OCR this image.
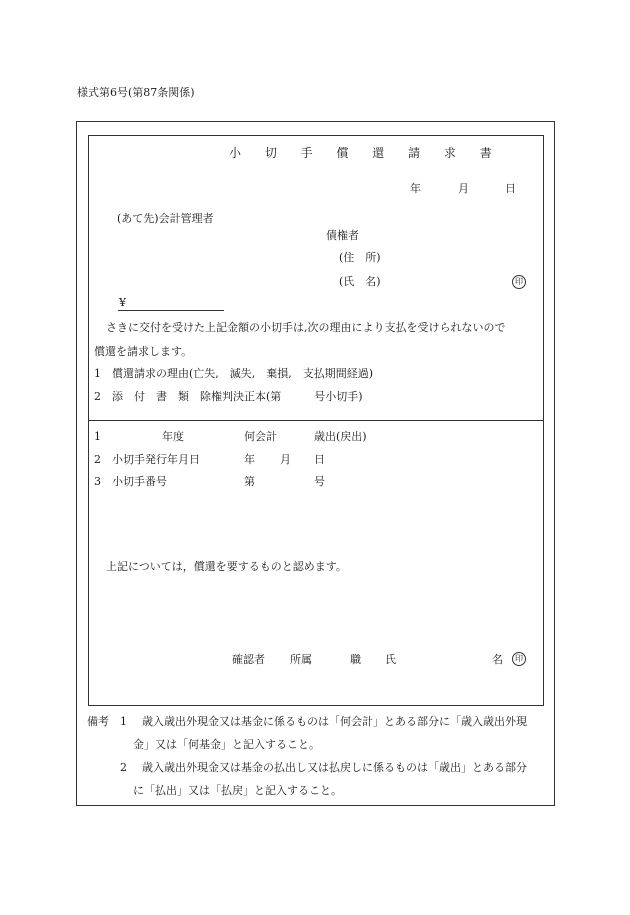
様式第6号(第87条関係)
小 切 手 償 還 請 求 書
年	月	日
(あて先)会計管理者
債権者
(住　所)
(氏　名)	印
¥
さきに交付を受けた上記金額の小切手は,次の理由により支払を受けられないので
償還を請求します。
1　償還請求の理由(亡失,　滅失,　棄損,　支払期間経過)
2　添　付　書　類　除権判決正本(第　　　号小切手)
1	年度	何会計	歳出(戻出)
2　小切手発行年月日	年 月 日
3　小切手番号	第	号
上記については，償還を要するものと認めます。
確認者 所属	職 氏	名	印
備考 1 歳入歳出外現金又は基金に係るものは「何会計」とある部分に「歳入歳出外現
金」又は「何基金」と記入すること。
2 歳入歳出外現金又は基金の払出し又は払戻しに係るものは「歳出」とある部分
に「払出」又は「払戻」と記入すること。
